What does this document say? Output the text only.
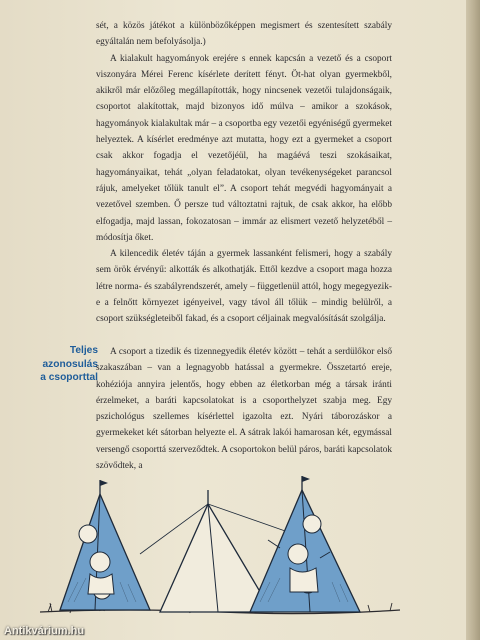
sét, a közös játékot a különbözőképpen megismert és szentesített szabály egyáltalán nem befolyásolja.)

A kialakult hagyományok erejére s ennek kapcsán a vezető és a csoport viszonyára Mérei Ferenc kísérlete derített fényt. Öt-hat olyan gyermekből, akikről már előzőleg megállapították, hogy nincsenek vezetői tulajdonságaik, csoportot alakítottak, majd bizonyos idő múlva – amikor a szokások, hagyományok kialakultak már – a csoportba egy vezetői egyéniségű gyermeket helyeztek. A kísérlet eredménye azt mutatta, hogy ezt a gyermeket a csoport csak akkor fogadja el vezetőjéül, ha magáévá teszi szokásaikat, hagyományaikat, tehát „olyan feladatokat, olyan tevékenységeket parancsol rájuk, amelyeket tőlük tanult el”. A csoport tehát megvédi hagyományait a vezetővel szemben. Ő persze tud változtatni rajtuk, de csak akkor, ha előbb elfogadja, majd lassan, fokozatosan – immár az elismert vezető helyzetéből – módosítja őket.

A kilencedik életév táján a gyermek lassanként felismeri, hogy a szabály sem örök érvényű: alkották és alkothatják. Ettől kezdve a csoport maga hozza létre norma- és szabályrendszerét, amely – függetlenül attól, hogy megegyezik-e a felnőtt környezet igényeivel, vagy távol áll tőlük – mindig belülről, a csoport szükségleteiből fakad, és a csoport céljainak megvalósítását szolgálja.

Teljes
azonosulás
a csoporttal

A csoport a tizedik és tizennegyedik életév között – tehát a serdülőkor első szakaszában – van a legnagyobb hatással a gyermekre. Összetartó ereje, kohéziója annyira jelentős, hogy ebben az életkorban még a társak iránti érzelmeket, a baráti kapcsolatokat is a csoporthelyzet szabja meg. Egy pszichológus szellemes kísérlettel igazolta ezt. Nyári táborozáskor a gyermekeket két sátorban helyezte el. A sátrak lakói hamarosan két, egymással versengő csoporttá szerveződtek. A csoportokon belül páros, baráti kapcsolatok szövődtek, a

Antikvárium.hu
